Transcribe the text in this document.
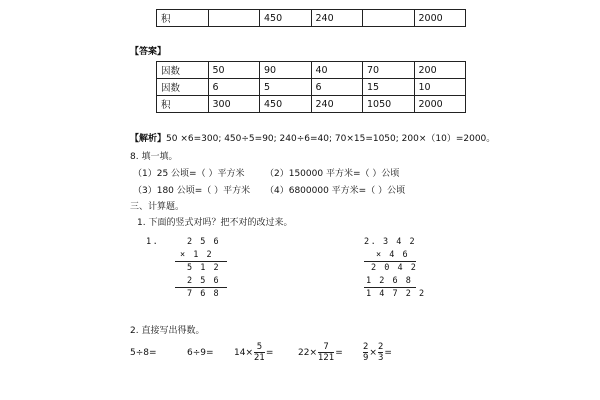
积		450	240		2000
【答案】
因数	50	90	40	70	200
因数	6	5	6	15	10
积	300	450	240	1050	2000
【解析】50 ×6=300; 450÷5=90; 240÷6=40; 70×15=1050; 200×（10）=2000。
8. 填一填。
（1）25 公顷=（ ）平方米 （2）150000 平方米=（ ）公顷
（3）180 公顷=（ ）平方米 （4）6800000 平方米=（ ）公顷
三、计算题。
1. 下面的竖式对吗？把不对的改过来。
1.	2 5 6
× 1 2
5 1 2
2 5 6
7 6 8
2. 3 4 2
× 4 6
2 0 4 2
1 2 6 8
1 4 7 2 2
2. 直接写出得数。
5÷8=	$6\div 9= 14\times \frac{5}{21}$ =	$22\times \frac{7}{121} = \frac{2}{9} \times \frac{2}{3}$ =
